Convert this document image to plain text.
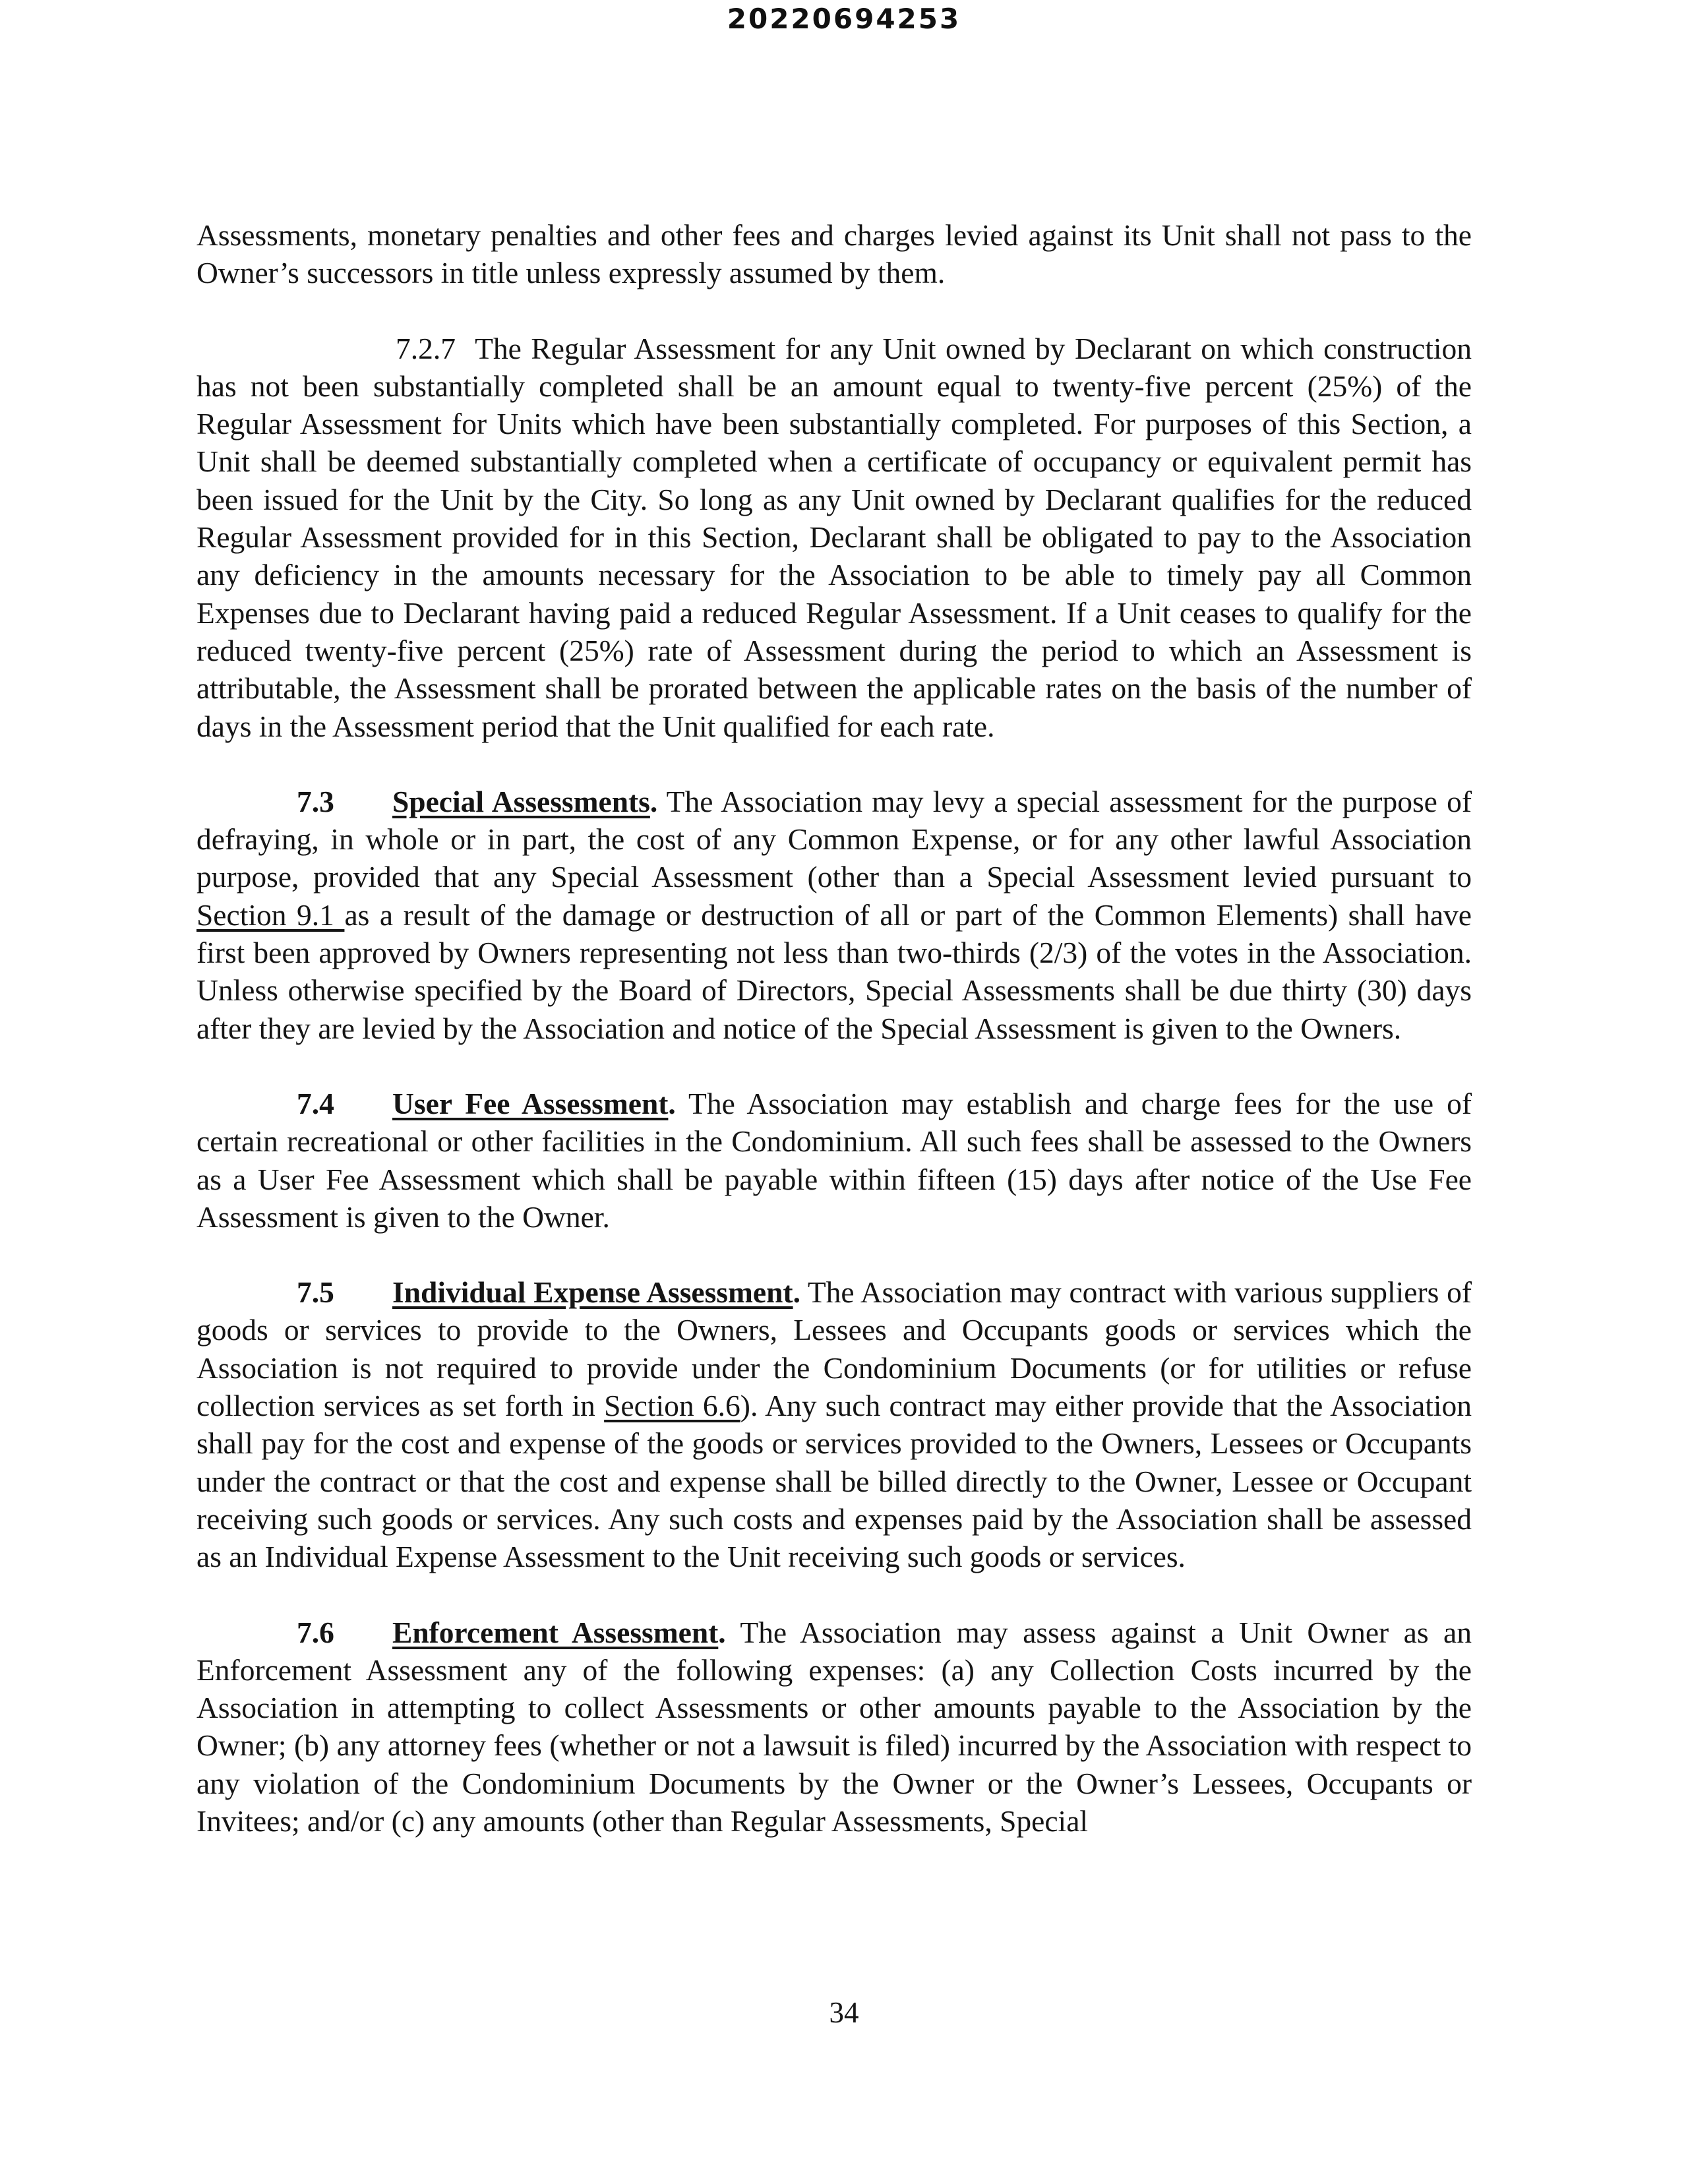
20220694253

Assessments, monetary penalties and other fees and charges levied against its Unit shall not pass to the Owner’s successors in title unless expressly assumed by them.

7.2.7 The Regular Assessment for any Unit owned by Declarant on which construction has not been substantially completed shall be an amount equal to twenty-five percent (25%) of the Regular Assessment for Units which have been substantially completed. For purposes of this Section, a Unit shall be deemed substantially completed when a certificate of occupancy or equivalent permit has been issued for the Unit by the City. So long as any Unit owned by Declarant qualifies for the reduced Regular Assessment provided for in this Section, Declarant shall be obligated to pay to the Association any deficiency in the amounts necessary for the Association to be able to timely pay all Common Expenses due to Declarant having paid a reduced Regular Assessment. If a Unit ceases to qualify for the reduced twenty-five percent (25%) rate of Assessment during the period to which an Assessment is attributable, the Assessment shall be prorated between the applicable rates on the basis of the number of days in the Assessment period that the Unit qualified for each rate.

7.3 Special Assessments. The Association may levy a special assessment for the purpose of defraying, in whole or in part, the cost of any Common Expense, or for any other lawful Association purpose, provided that any Special Assessment (other than a Special Assessment levied pursuant to Section 9.1 as a result of the damage or destruction of all or part of the Common Elements) shall have first been approved by Owners representing not less than two-thirds (2/3) of the votes in the Association. Unless otherwise specified by the Board of Directors, Special Assessments shall be due thirty (30) days after they are levied by the Association and notice of the Special Assessment is given to the Owners.

7.4 User Fee Assessment. The Association may establish and charge fees for the use of certain recreational or other facilities in the Condominium. All such fees shall be assessed to the Owners as a User Fee Assessment which shall be payable within fifteen (15) days after notice of the Use Fee Assessment is given to the Owner.

7.5 Individual Expense Assessment. The Association may contract with various suppliers of goods or services to provide to the Owners, Lessees and Occupants goods or services which the Association is not required to provide under the Condominium Documents (or for utilities or refuse collection services as set forth in Section 6.6). Any such contract may either provide that the Association shall pay for the cost and expense of the goods or services provided to the Owners, Lessees or Occupants under the contract or that the cost and expense shall be billed directly to the Owner, Lessee or Occupant receiving such goods or services. Any such costs and expenses paid by the Association shall be assessed as an Individual Expense Assessment to the Unit receiving such goods or services.

7.6 Enforcement Assessment. The Association may assess against a Unit Owner as an Enforcement Assessment any of the following expenses: (a) any Collection Costs incurred by the Association in attempting to collect Assessments or other amounts payable to the Association by the Owner; (b) any attorney fees (whether or not a lawsuit is filed) incurred by the Association with respect to any violation of the Condominium Documents by the Owner or the Owner’s Lessees, Occupants or Invitees; and/or (c) any amounts (other than Regular Assessments, Special

34
